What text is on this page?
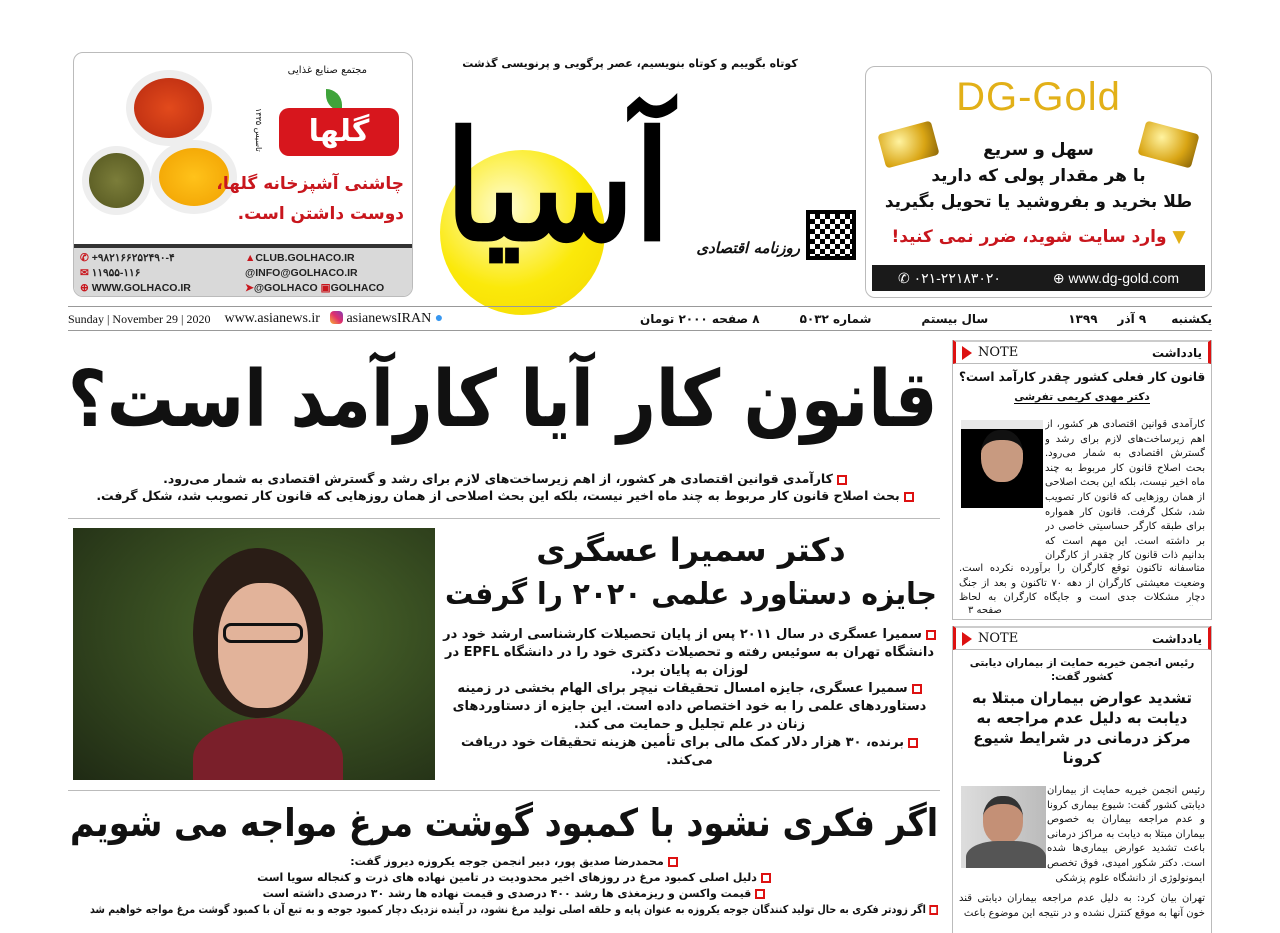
مجتمع صنایع غذایی
گلها
تاسیس ۱۳۳۵
چاشنی آشپزخانه گلها،
دوست داشتن است.
✆ +۹۸۲۱۶۶۲۵۲۴۹۰-۴	▲CLUB.GOLHACO.IR
✉ ۱۱۹۵۵-۱۱۶	@INFO@GOLHACO.IR
⊕ WWW.GOLHACO.IR	➤@GOLHACO ▣GOLHACO
کوتاه بگوییم و کوتاه بنویسیم، عصر پرگویی و پرنویسی گذشت
آسیا	روزنامه اقتصادی
DG-Gold
سهل و سریع
با هر مقدار پولی که دارید
طلا بخرید و بفروشید یا تحویل بگیرید
▼ وارد سایت شوید، ضرر نمی کنید!
✆ ۰۲۱-۲۲۱۸۳۰۲۰	⊕ www.dg-gold.com
Sunday | November 29 | 2020 www.asianews.ir	asianewsIRAN ●	۸ صفحه ۲۰۰۰ تومان	شماره ۵۰۳۲	سال بیستم	۱۳۹۹ ۹ آذر یکشنبه
قانون کار آیا کارآمد است؟
کارآمدی قوانین اقتصادی هر کشور، از اهم زیرساخت‌های لازم برای رشد و گسترش اقتصادی به شمار می‌رود.
بحث اصلاح قانون کار مربوط به چند ماه اخیر نیست، بلکه این بحث اصلاحی از همان روزهایی که قانون کار تصویب شد، شکل گرفت.
دکتر سمیرا عسگری
جایزه دستاورد علمی ۲۰۲۰ را گرفت
سمیرا عسگری در سال ۲۰۱۱ پس از پایان تحصیلات کارشناسی ارشد خود در دانشگاه تهران به سوئیس رفته و تحصیلات دکتری خود را در دانشگاه EPFL در لوزان به پایان برد.
سمیرا عسگری، جایزه امسال تحقیقات نیچر برای الهام بخشی در زمینه دستاوردهای علمی را به خود اختصاص داده است. این جایزه از دستاوردهای زنان در علم تجلیل و حمایت می کند.
برنده، ۳۰ هزار دلار کمک مالی برای تأمین هزینه تحقیقات خود دریافت می‌کند.
اگر فکری نشود با کمبود گوشت مرغ مواجه می شویم
محمدرضا صدیق پور، دبیر انجمن جوجه یکروزه دیروز گفت:
دلیل اصلی کمبود مرغ در روزهای اخیر محدودیت در تامین نهاده های ذرت و کنجاله سویا است
قیمت واکسن و ریزمغذی ها رشد ۴۰۰ درصدی و قیمت نهاده ها رشد ۳۰ درصدی داشته است
اگر زودتر فکری به حال تولید کنندگان جوجه یکروزه به عنوان پایه و حلقه اصلی تولید مرغ نشود، در آینده نزدیک دچار کمبود جوجه و به تبع آن با کمبود گوشت مرغ مواجه خواهیم شد
NOTE	یادداشت
قانون کار فعلی کشور چقدر کارآمد است؟
دکتر مهدی کریمی تفرشی
کارآمدی قوانین اقتصادی هر کشور، از اهم زیرساخت‌های لازم برای رشد و گسترش اقتصادی به شمار می‌رود. بحث اصلاح قانون کار مربوط به چند ماه اخیر نیست، بلکه این بحث اصلاحی از همان روزهایی که قانون کار تصویب شد، شکل گرفت. قانون کار همواره برای طبقه کارگر حساسیتی خاصی در بر داشته است. این مهم است که بدانیم ذات قانون کار چقدر از کارگران
متاسفانه تاکنون توقع کارگران را برآورده نکرده است. وضعیت معیشتی کارگران از دهه ۷۰ تاکنون و بعد از جنگ دچار مشکلات جدی است و جایگاه کارگران به لحاظ
صفحه ۳
NOTE	یادداشت
رئیس انجمن خیریه حمایت از بیماران دیابتی کشور گفت:
تشدید عوارض بیماران مبتلا به دیابت به دلیل عدم مراجعه به مرکز درمانی در شرایط شیوع کرونا
رئیس انجمن خیریه حمایت از بیماران دیابتی کشور گفت: شیوع بیماری کرونا و عدم مراجعه بیماران به خصوص بیماران مبتلا به دیابت به مراکز درمانی باعث تشدید عوارض بیماری‌ها شده است. دکتر شکور امیدی، فوق تخصص ایمونولوژی از دانشگاه علوم پزشکی
تهران بیان کرد: به دلیل عدم مراجعه بیماران دیابتی قند خون آنها به موقع کنترل نشده و در نتیجه این موضوع باعث
